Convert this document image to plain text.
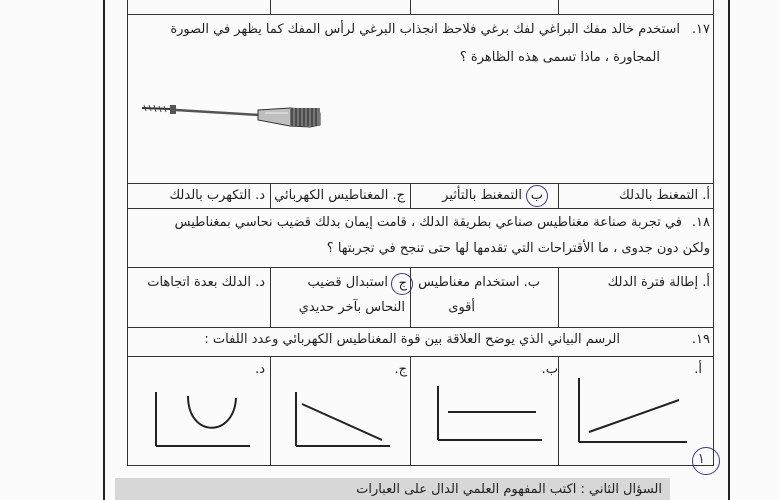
١٧.
استخدم خالد مفك البراغي لفك برغي فلاحظ انجذاب البرغي لرأس المفك كما يظهر في الصورة
المجاورة ، ماذا تسمى هذه الظاهرة ؟
أ. التمغنط بالدلك
ب
التمغنط بالتأثير
ج. المغناطيس الكهربائي
د. التكهرب بالدلك
١٨.
في تجربة صناعة مغناطيس صناعي بطريقة الدلك ، قامت إيمان بدلك قضيب نحاسي بمغناطيس
ولكن دون جدوى ، ما الأقتراحات التي تقدمها لها حتى تنجح في تجربتها ؟
أ. إطالة فترة الدلك
ب. استخدام مغناطيس
أقوى
ج
استبدال قضيب
النحاس بآخر حديدي
د. الدلك بعدة اتجاهات
١٩.
الرسم البياني الذي يوضح العلاقة بين قوة المغناطيس الكهربائي وعدد اللفات :
أ.
ب.
ج.
د.
١
السؤال الثاني : اكتب المفهوم العلمي الدال على العبارات
